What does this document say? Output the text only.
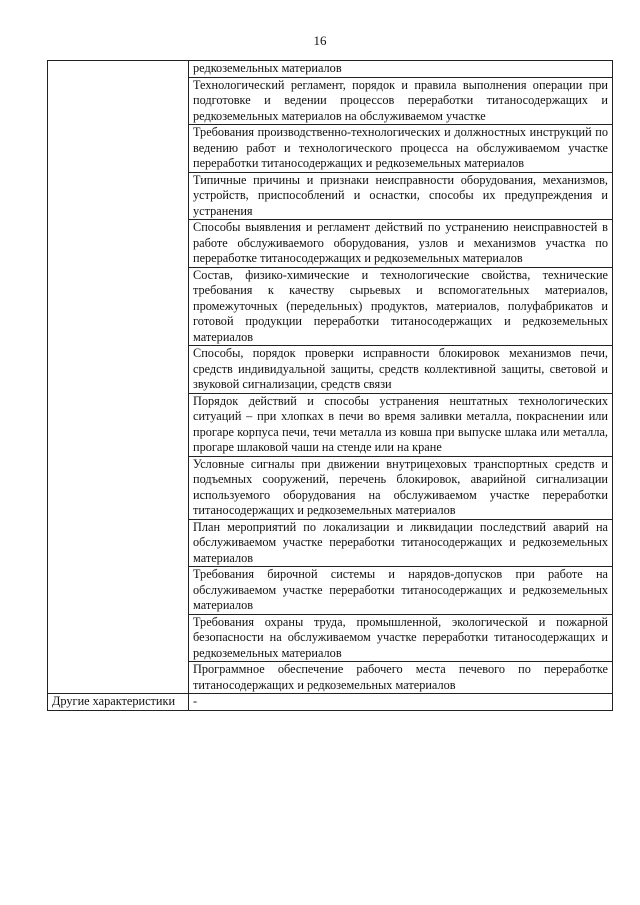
16
	редкоземельных материалов
	Технологический регламент, порядок и правила выполнения операции при подготовке и ведении процессов переработки титаносодержащих и редкоземельных материалов на обслуживаемом участке
	Требования производственно-технологических и должностных инструкций по ведению работ и технологического процесса на обслуживаемом участке переработки титаносодержащих и редкоземельных материалов
	Типичные причины и признаки неисправности оборудования, механизмов, устройств, приспособлений и оснастки, способы их предупреждения и устранения
	Способы выявления и регламент действий по устранению неисправностей в работе обслуживаемого оборудования, узлов и механизмов участка по переработке титаносодержащих и редкоземельных материалов
	Состав, физико-химические и технологические свойства, технические требования к качеству сырьевых и вспомогательных материалов, промежуточных (передельных) продуктов, материалов, полуфабрикатов и готовой продукции переработки титаносодержащих и редкоземельных материалов
	Способы, порядок проверки исправности блокировок механизмов печи, средств индивидуальной защиты, средств коллективной защиты, световой и звуковой сигнализации, средств связи
	Порядок действий и способы устранения нештатных технологических ситуаций – при хлопках в печи во время заливки металла, покраснении или прогаре корпуса печи, течи металла из ковша при выпуске шлака или металла, прогаре шлаковой чаши на стенде или на кране
	Условные сигналы при движении внутрицеховых транспортных средств и подъемных сооружений, перечень блокировок, аварийной сигнализации используемого оборудования на обслуживаемом участке переработки титаносодержащих и редкоземельных материалов
	План мероприятий по локализации и ликвидации последствий аварий на обслуживаемом участке переработки титаносодержащих и редкоземельных материалов
	Требования бирочной системы и нарядов-допусков при работе на обслуживаемом участке переработки титаносодержащих и редкоземельных материалов
	Требования охраны труда, промышленной, экологической и пожарной безопасности на обслуживаемом участке переработки титаносодержащих и редкоземельных материалов
	Программное обеспечение рабочего места печевого по переработке титаносодержащих и редкоземельных материалов
Другие характеристики	-
